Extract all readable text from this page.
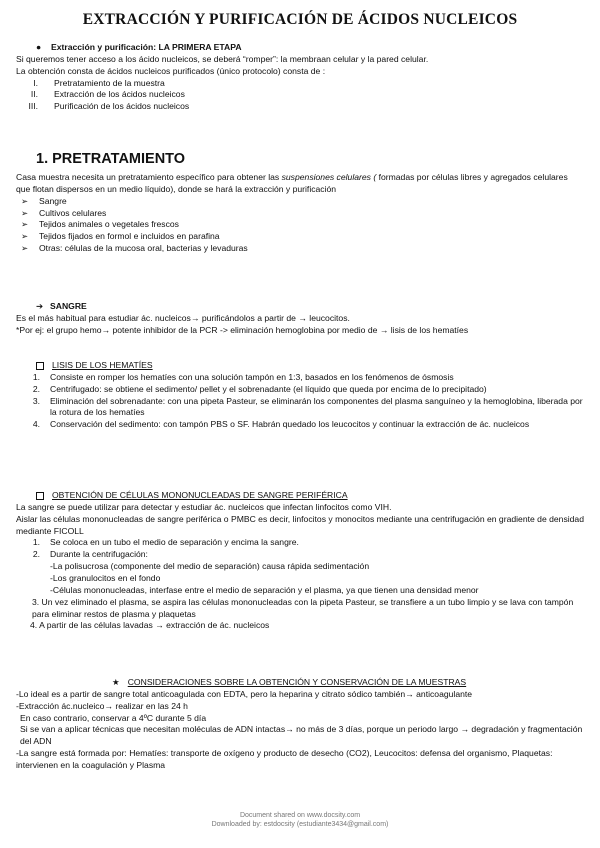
EXTRACCIÓN Y PURIFICACIÓN DE ÁCIDOS NUCLEICOS
●	Extracción y purificación: LA PRIMERA ETAPA

Si queremos tener acceso a los ácido nucleicos, se deberá “romper”: la membraan celular y la pared celular.

La obtención consta de ácidos nucleicos purificados (único protocolo) consta de :

I.	Pretratamiento de la muestra
II.	Extracción de los ácidos nucleicos
III.	Purificación de los ácidos nucleicos

1. PRETRATAMIENTO

Casa muestra necesita un pretratamiento específico para obtener las suspensiones celulares ( formadas por células libres y agregados celulares que flotan dispersos en un medio líquido), donde se hará la extracción y purificación

➢	Sangre
➢	Cultivos celulares
➢	Tejidos animales o vegetales frescos
➢	Tejidos fijados en formol e incluidos en parafina
➢	Otras: células de la mucosa oral, bacterias y levaduras
➔ SANGRE

Es el más habitual para estudiar ác. nucleicos→ purificándolos a partir de → leucocitos.

*Por ej: el grupo hemo→ potente inhibidor de la PCR -> eliminación hemoglobina por medio de → lisis de los hematíes

LISIS DE LOS HEMATÍES
1.	Consiste en romper los hematíes con una solución tampón en 1:3, basados en los fenómenos de ósmosis
2.	Centrifugado: se obtiene el sedimento/ pellet y el sobrenadante (el líquido que queda por encima de lo precipitado)
3.	Eliminación del sobrenadante: con una pipeta Pasteur, se eliminarán los componentes del plasma sanguíneo y la hemoglobina, liberada por la rotura de los hematíes
4.	Conservación del sedimento: con tampón PBS o SF. Habrán quedado los leucocitos y continuar la extracción de ác. nucleicos
OBTENCIÓN DE CÉLULAS MONONUCLEADAS DE SANGRE PERIFÉRICA

La sangre se puede utilizar para detectar y estudiar ác. nucleicos que infectan linfocitos como VIH.

Aislar las células mononucleadas de sangre periférica o PMBC es decir, linfocitos y monocitos mediante una centrifugación en gradiente de densidad mediante FICOLL

1.	Se coloca en un tubo el medio de separación y encima la sangre.
2.	Durante la centrifugación:

-La polisucrosa (componente del medio de separación) causa rápida sedimentación

-Los granulocitos en el fondo

-Células mononucleadas, interfase entre el medio de separación y el plasma, ya que tienen una densidad menor

3. Un vez eliminado el plasma, se aspira las células mononucleadas con la pipeta Pasteur, se transfiere a un tubo limpio y se lava con tampón para eliminar restos de plasma y plaquetas

4. A partir de las células lavadas → extracción de ác. nucleicos

★ CONSIDERACIONES SOBRE LA OBTENCIÓN Y CONSERVACIÓN DE LA MUESTRAS

-Lo ideal es a partir de sangre total anticoagulada con EDTA, pero la heparina y citrato sódico también→ anticoagulante

-Extracción ác.nucleico→ realizar en las 24 h

En caso contrario, conservar a 4ºC durante 5 día

Si se van a aplicar técnicas que necesitan moléculas de ADN intactas→ no más de 3 días, porque un periodo largo → degradación y fragmentación del ADN

-La sangre está formada por: Hematíes: transporte de oxígeno y producto de desecho (CO2), Leucocitos: defensa del organismo, Plaquetas: intervienen en la coagulación y Plasma

Document shared on www.docsity.com
Downloaded by: estdocsity (estudiante3434@gmail.com)
